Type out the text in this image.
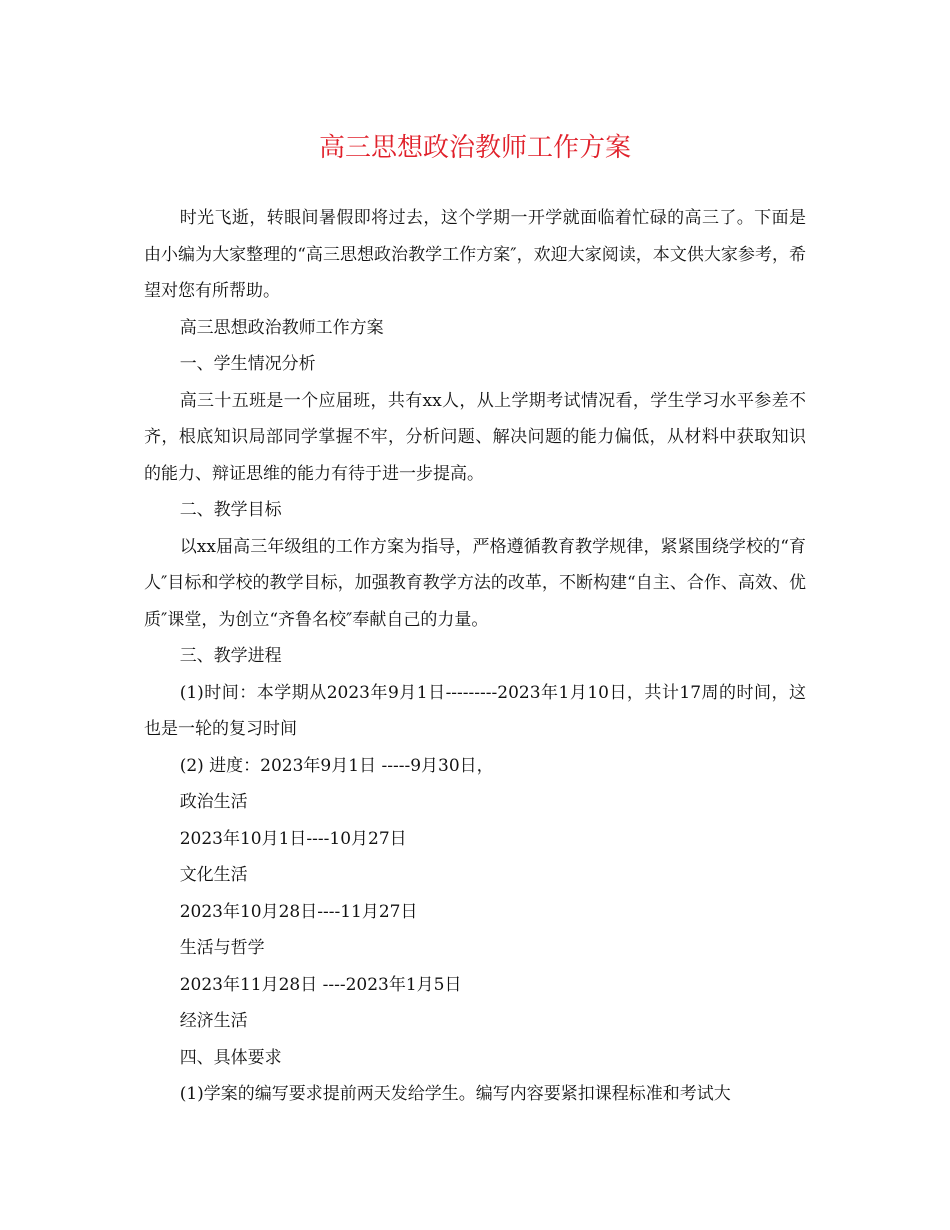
高三思想政治教师工作方案

时光飞逝，转眼间暑假即将过去，这个学期一开学就面临着忙碌的高三了。下面是由小编为大家整理的“高三思想政治教学工作方案″，欢迎大家阅读，本文供大家参考，希望对您有所帮助。

高三思想政治教师工作方案

一、学生情况分析

高三十五班是一个应届班，共有xx人，从上学期考试情况看，学生学习水平参差不齐，根底知识局部同学掌握不牢，分析问题、解决问题的能力偏低，从材料中获取知识的能力、辩证思维的能力有待于进一步提高。

二、教学目标

以xx届高三年级组的工作方案为指导，严格遵循教育教学规律，紧紧围绕学校的“育人″目标和学校的教学目标，加强教育教学方法的改革，不断构建“自主、合作、高效、优质″课堂，为创立“齐鲁名校″奉献自己的力量。

三、教学进程

(1)时间：本学期从2023年9月1日---------2023年1月10日，共计17周的时间，这也是一轮的复习时间

(2) 进度：2023年9月1日 -----9月30日，

政治生活

2023年10月1日----10月27日

文化生活

2023年10月28日----11月27日

生活与哲学

2023年11月28日 ----2023年1月5日

经济生活

四、具体要求

(1)学案的编写要求提前两天发给学生。编写内容要紧扣课程标准和考试大
